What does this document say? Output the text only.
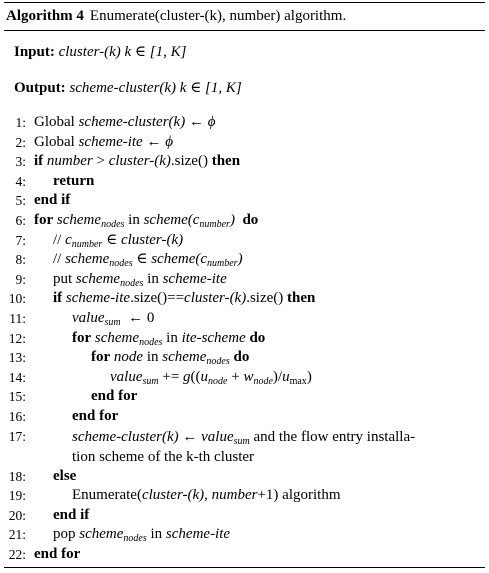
Algorithm 4 Enumerate(cluster-(k), number) algorithm.
Input: cluster-(k) k ∈ [1, K]
Output: scheme-cluster(k) k ∈ [1, K]
1: Global scheme-cluster(k) ← ϕ
2: Global scheme-ite ← ϕ
3: if number > cluster-(k).size() then
4:	return
5: end if
6: for scheme$_{nodes}$ in $scheme(c_{number})$ do
7:	// $c_{number}$ ∈ cluster-(k)
8:	// scheme$_{nodes}$ ∈ $scheme(c_{number})$
9:	put scheme$_{nodes}$ in scheme-ite
10:	if scheme-ite.size()==cluster-(k).size() then
11:	value$_{sum}$  ← 0
12:	for scheme$_{nodes}$ in ite-scheme do
13:	for node in scheme$_{nodes}$ do
14:	value$_{sum}$ += $g((u_{node} + w_{node})/u_{max})$
15:	end for
16:	end for
17:	scheme-cluster(k) ← value$_{sum}$ and the flow entry installa-
tion scheme of the k-th cluster
18:	else
19:	Enumerate(cluster-(k), number+1) algorithm
20:	end if
21:	pop scheme$_{nodes}$ in scheme-ite
22: end for
